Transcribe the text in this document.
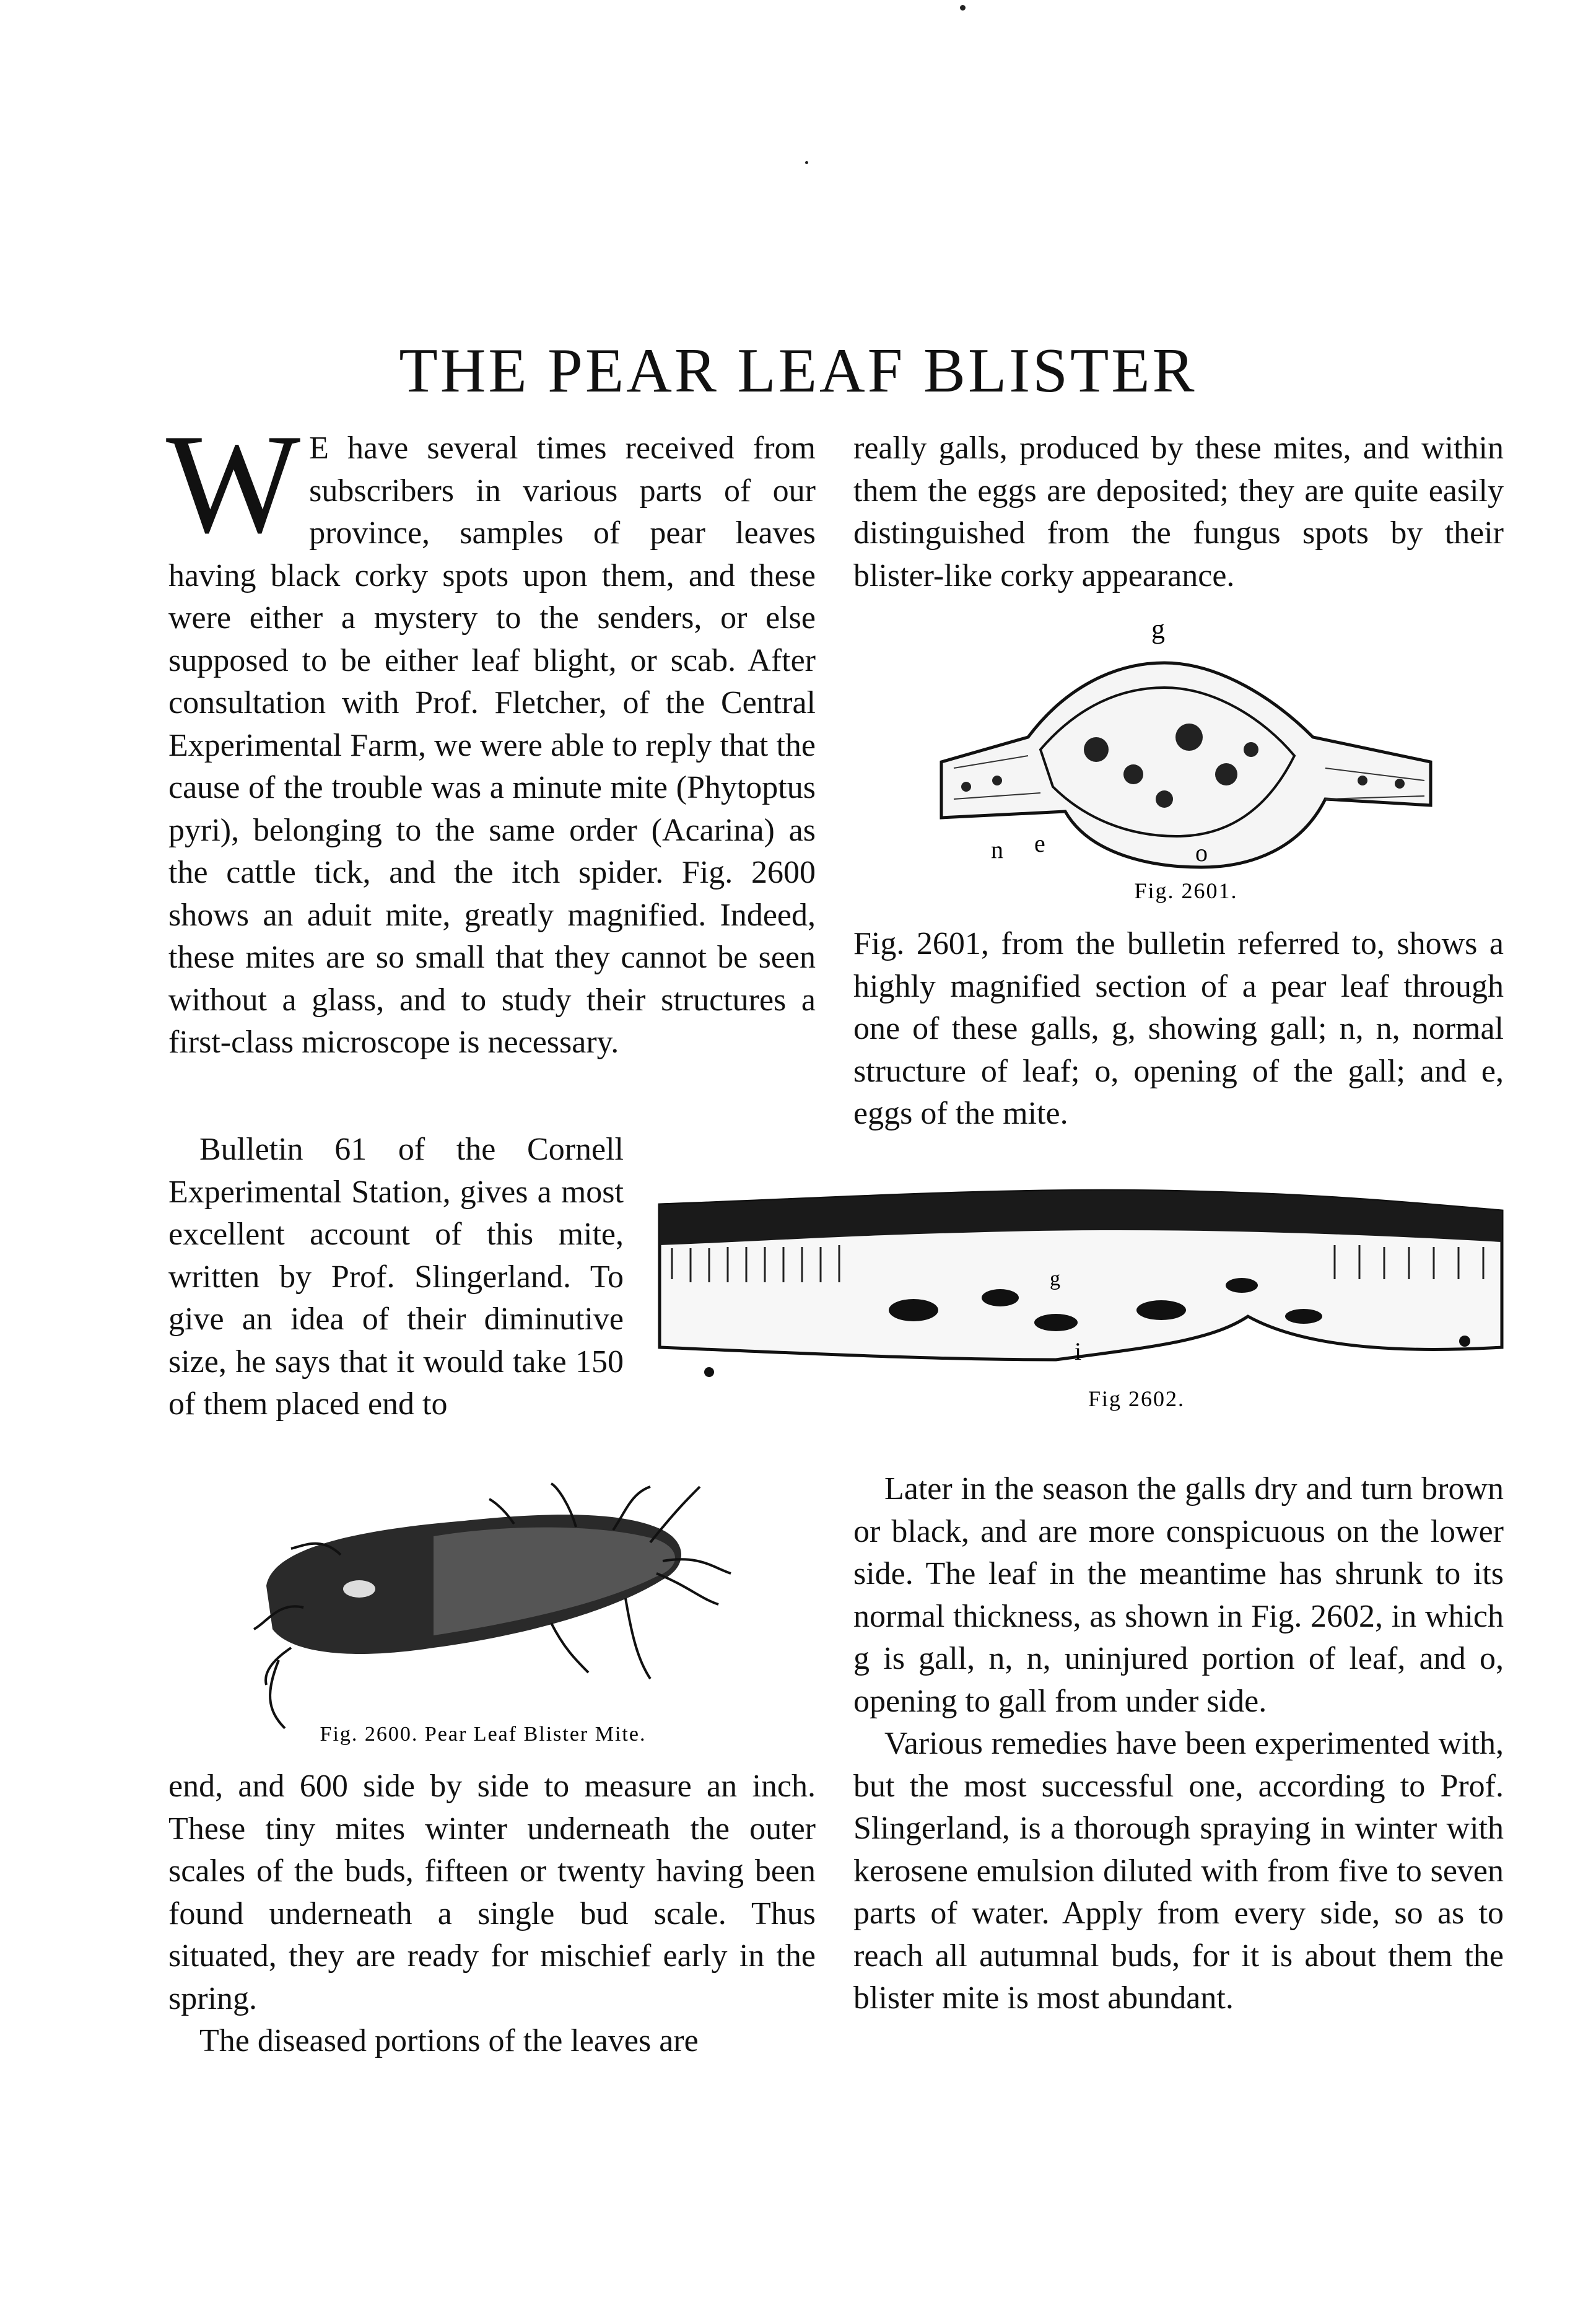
THE PEAR LEAF BLISTER

W E have several times received from subscribers in various parts of our province, samples of pear leaves having black corky spots upon them, and these were either a mystery to the senders, or else supposed to be either leaf blight, or scab. After consultation with Prof. Fletcher, of the Central Experimental Farm, we were able to reply that the cause of the trouble was a minute mite (Phytoptus pyri), belonging to the same order (Acarina) as the cattle tick, and the itch spider. Fig. 2600 shows an aduit mite, greatly magnified. Indeed, these mites are so small that they cannot be seen without a glass, and to study their structures a first-class microscope is necessary.

Bulletin 61 of the Cornell Experimental Station, gives a most excellent account of this mite, written by Prof. Slingerland. To give an idea of their diminutive size, he says that it would take 150 of them placed end to

Fig. 2600. Pear Leaf Blister Mite.

end, and 600 side by side to measure an inch. These tiny mites winter underneath the outer scales of the buds, fifteen or twenty having been found underneath a single bud scale. Thus situated, they are ready for mischief early in the spring.

The diseased portions of the leaves are

really galls, produced by these mites, and within them the eggs are deposited; they are quite easily distinguished from the fungus spots by their blister-like corky appearance.

g
n e	o
Fig. 2601.

Fig. 2601, from the bulletin referred to, shows a highly magnified section of a pear leaf through one of these galls, g, showing gall; n, n, normal structure of leaf; o, opening of the gall; and e, eggs of the mite.

g
i
Fig 2602.

Later in the season the galls dry and turn brown or black, and are more conspicuous on the lower side. The leaf in the meantime has shrunk to its normal thickness, as shown in Fig. 2602, in which g is gall, n, n, uninjured portion of leaf, and o, opening to gall from under side.

Various remedies have been experimented with, but the most successful one, according to Prof. Slingerland, is a thorough spraying in winter with kerosene emulsion diluted with from five to seven parts of water. Apply from every side, so as to reach all autumnal buds, for it is about them the blister mite is most abundant.
